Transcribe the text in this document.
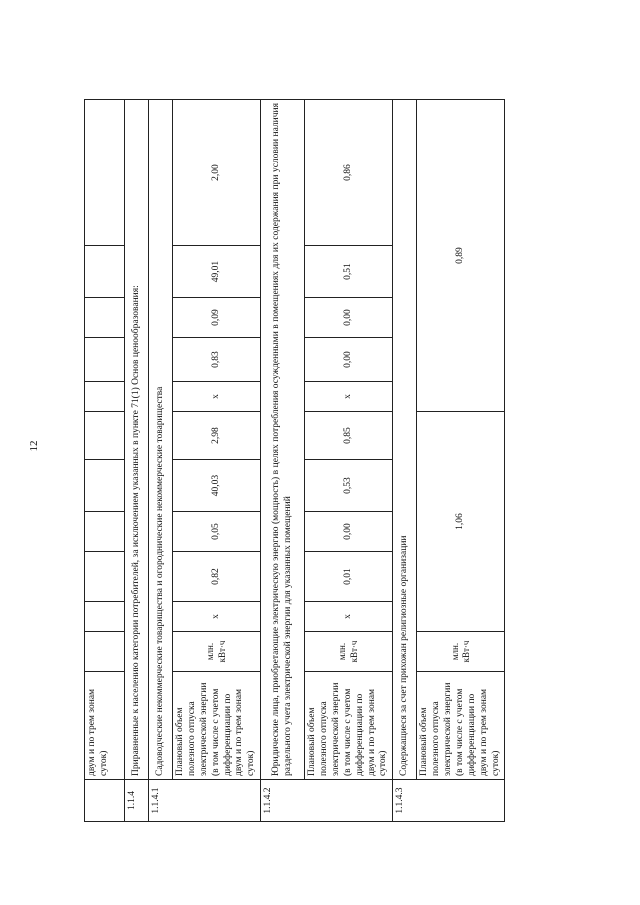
12
	двум и по трем зонам суток)											
1.1.4	Приравненные к населению категории потребителей, за исключением указанных в пункте 71(1) Основ ценообразования:											
1.1.4.1	Садоводческие некоммерческие товарищества и огороднические некоммерческие товарищества											
	Плановый объем полезного отпуска электрической энергии (в том числе с учетом дифференциации по двум и по трем зонам суток)	млн. кВт·ч	х	0,82	0,05	40,03	2,98	х	0,83	0,09	49,01	2,00
1.1.4.2	Юридические лица, приобретающие электрическую энергию (мощность) в целях потребления осужденными в помещениях для их содержания при условии наличия раздельного учета электрической энергии для указанных помещений											
	Плановый объем полезного отпуска электрической энергии (в том числе с учетом дифференциации по двум и по трем зонам суток)	млн. кВт·ч	х	0,01	0,00	0,53	0,85	х	0,00	0,00	0,51	0,86
1.1.4.3	Содержащиеся за счет прихожан религиозные организации											
	Плановый объем полезного отпуска электрической энергии (в том числе с учетом дифференциации по двум и по трем зонам суток)	млн. кВт·ч	1,06					0,89				
